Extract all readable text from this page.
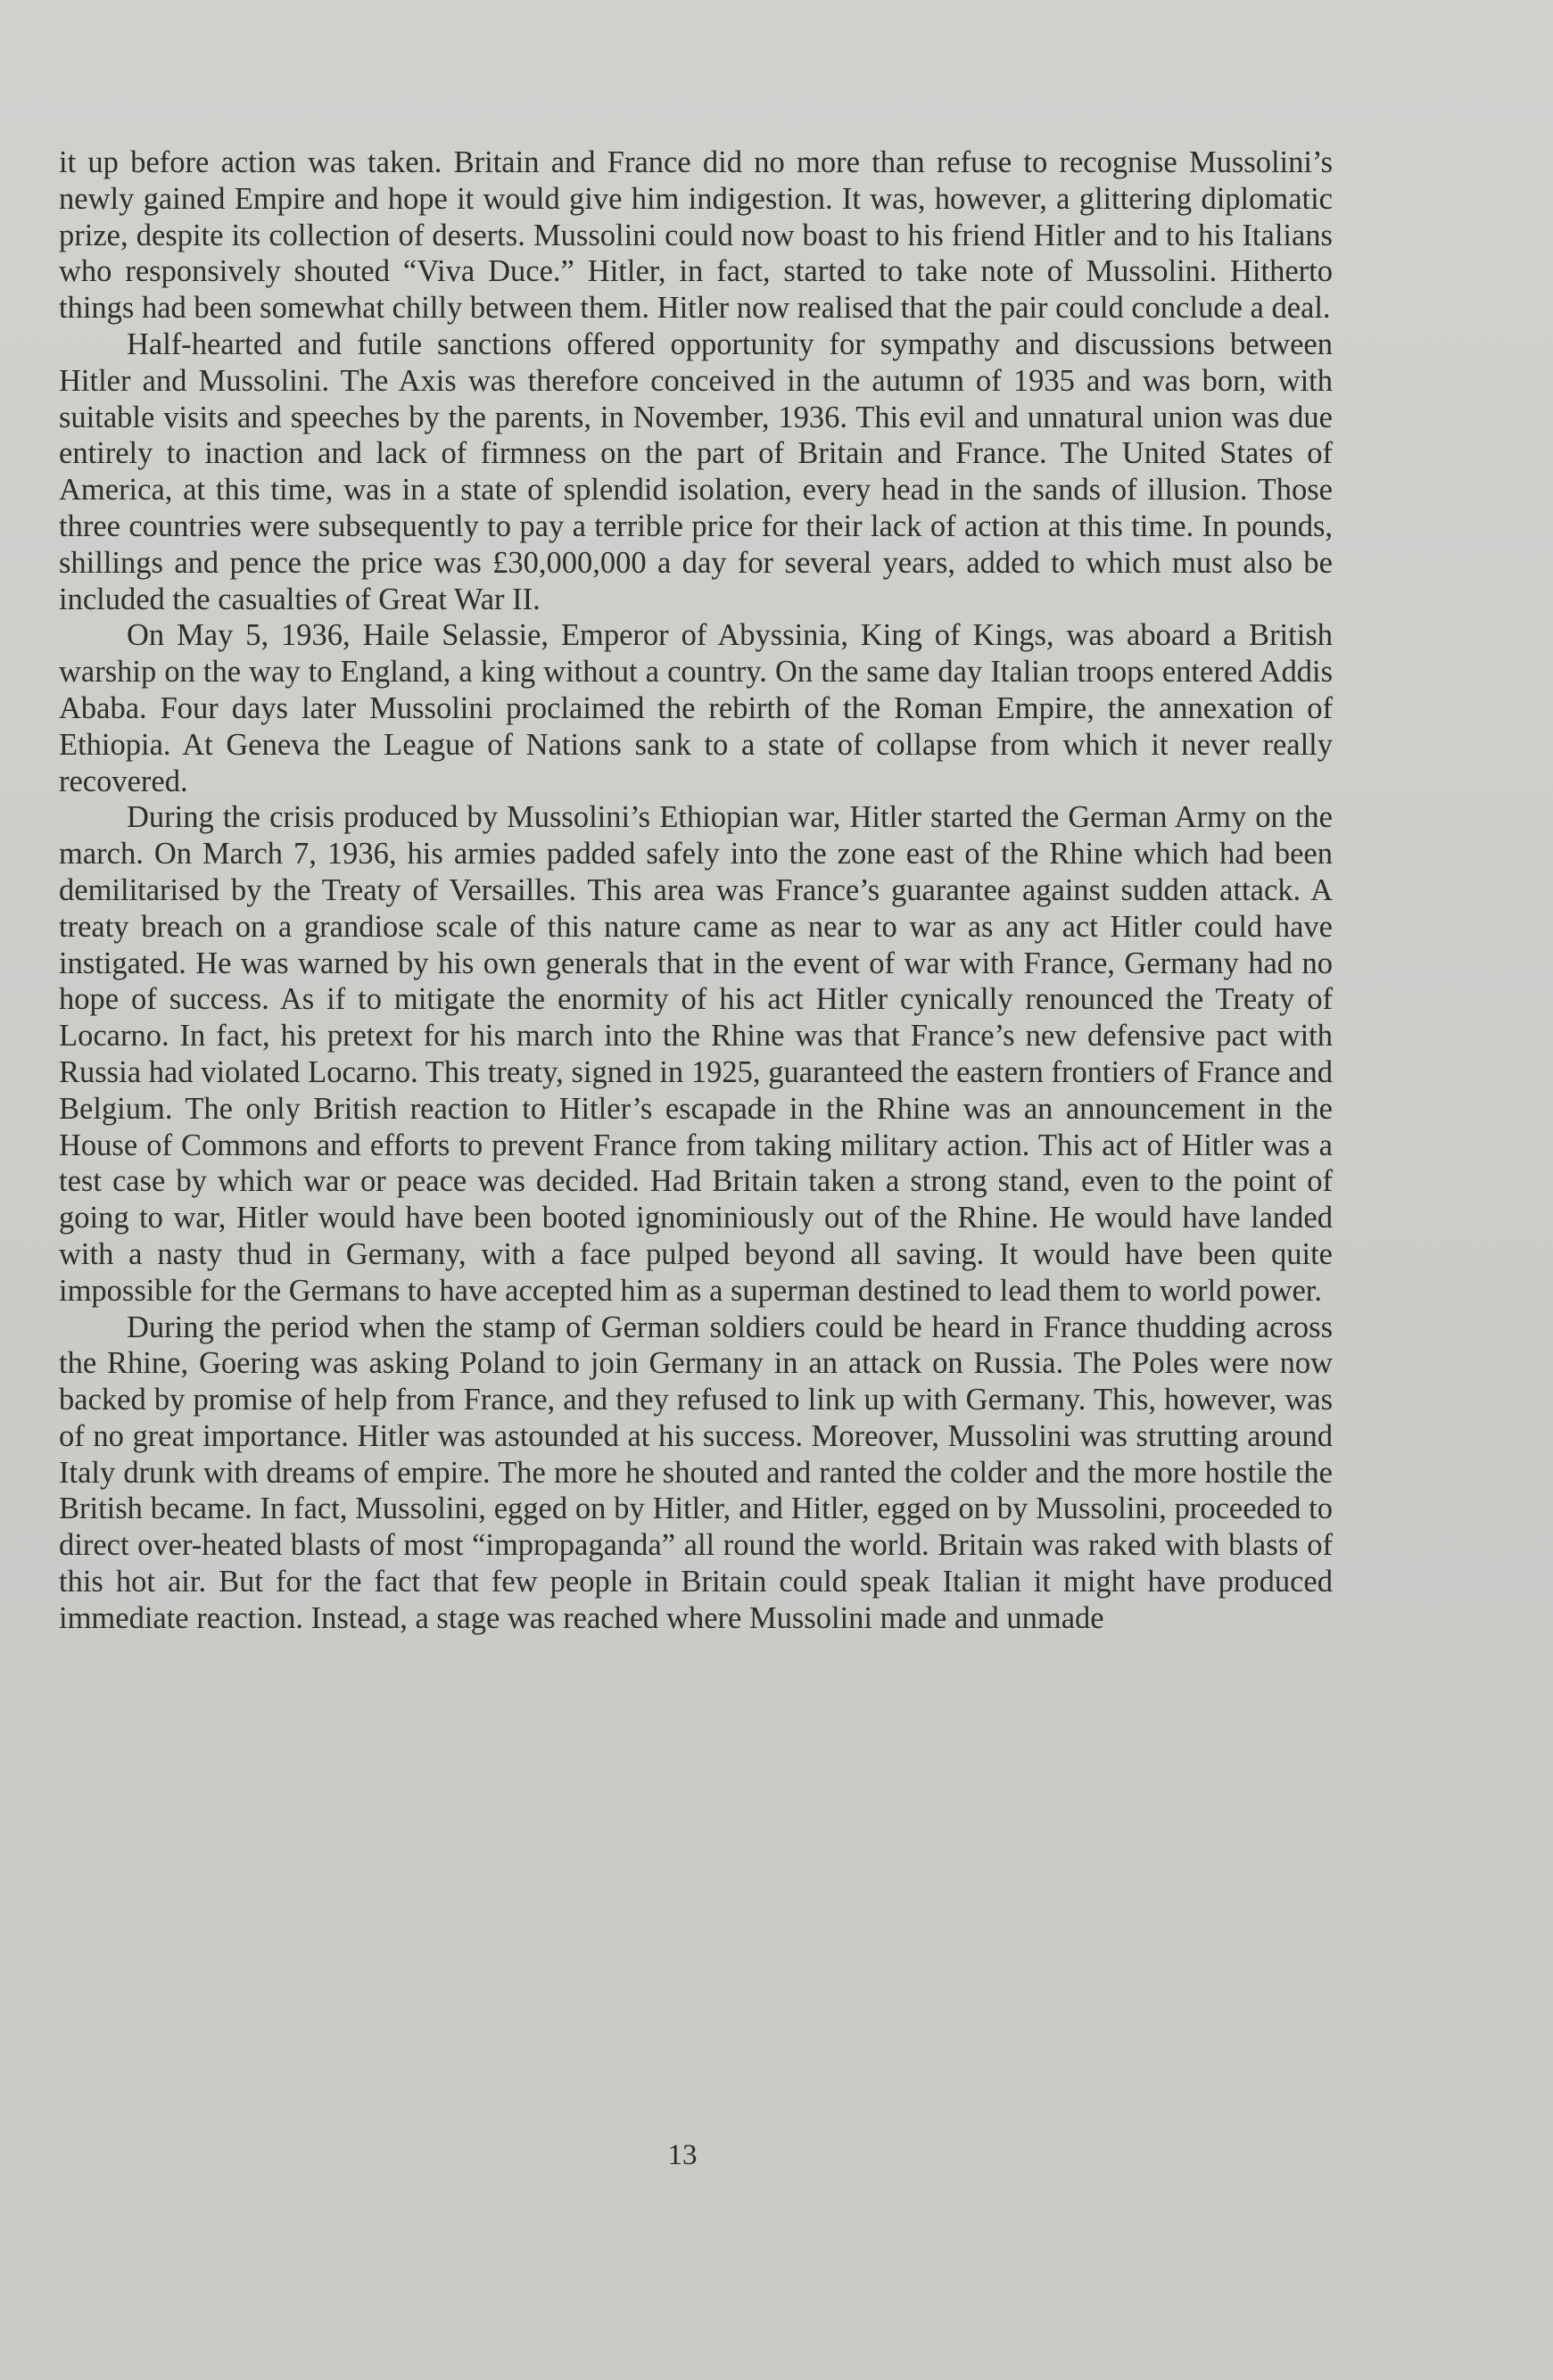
it up before action was taken. Britain and France did no more than refuse to recognise Mussolini’s newly gained Empire and hope it would give him indigestion. It was, however, a glittering diplomatic prize, despite its collection of deserts. Mussolini could now boast to his friend Hitler and to his Italians who responsively shouted “Viva Duce.” Hitler, in fact, started to take note of Mussolini. Hitherto things had been somewhat chilly between them. Hitler now realised that the pair could conclude a deal.

Half-hearted and futile sanctions offered opportunity for sympathy and discussions between Hitler and Mussolini. The Axis was therefore conceived in the autumn of 1935 and was born, with suitable visits and speeches by the parents, in November, 1936. This evil and unnatural union was due entirely to inaction and lack of firmness on the part of Britain and France. The United States of America, at this time, was in a state of splendid isolation, every head in the sands of illusion. Those three countries were subsequently to pay a terrible price for their lack of action at this time. In pounds, shillings and pence the price was £30,000,000 a day for several years, added to which must also be included the casualties of Great War II.

On May 5, 1936, Haile Selassie, Emperor of Abyssinia, King of Kings, was aboard a British warship on the way to England, a king without a country. On the same day Italian troops entered Addis Ababa. Four days later Mussolini proclaimed the rebirth of the Roman Empire, the annexation of Ethiopia. At Geneva the League of Nations sank to a state of collapse from which it never really recovered.

During the crisis produced by Mussolini’s Ethiopian war, Hitler started the German Army on the march. On March 7, 1936, his armies padded safely into the zone east of the Rhine which had been demilitarised by the Treaty of Versailles. This area was France’s guarantee against sudden attack. A treaty breach on a grandiose scale of this nature came as near to war as any act Hitler could have instigated. He was warned by his own generals that in the event of war with France, Germany had no hope of success. As if to mitigate the enormity of his act Hitler cynically renounced the Treaty of Locarno. In fact, his pretext for his march into the Rhine was that France’s new defensive pact with Russia had violated Locarno. This treaty, signed in 1925, guaranteed the eastern frontiers of France and Belgium. The only British reaction to Hitler’s escapade in the Rhine was an announcement in the House of Commons and efforts to prevent France from taking military action. This act of Hitler was a test case by which war or peace was decided. Had Britain taken a strong stand, even to the point of going to war, Hitler would have been booted ignominiously out of the Rhine. He would have landed with a nasty thud in Germany, with a face pulped beyond all saving. It would have been quite impossible for the Germans to have accepted him as a superman destined to lead them to world power.

During the period when the stamp of German soldiers could be heard in France thudding across the Rhine, Goering was asking Poland to join Germany in an attack on Russia. The Poles were now backed by promise of help from France, and they refused to link up with Germany. This, however, was of no great importance. Hitler was astounded at his success. Moreover, Mussolini was strutting around Italy drunk with dreams of empire. The more he shouted and ranted the colder and the more hostile the British became. In fact, Mussolini, egged on by Hitler, and Hitler, egged on by Mussolini, proceeded to direct over-heated blasts of most “impropaganda” all round the world. Britain was raked with blasts of this hot air. But for the fact that few people in Britain could speak Italian it might have produced immediate reaction. Instead, a stage was reached where Mussolini made and unmade

13
